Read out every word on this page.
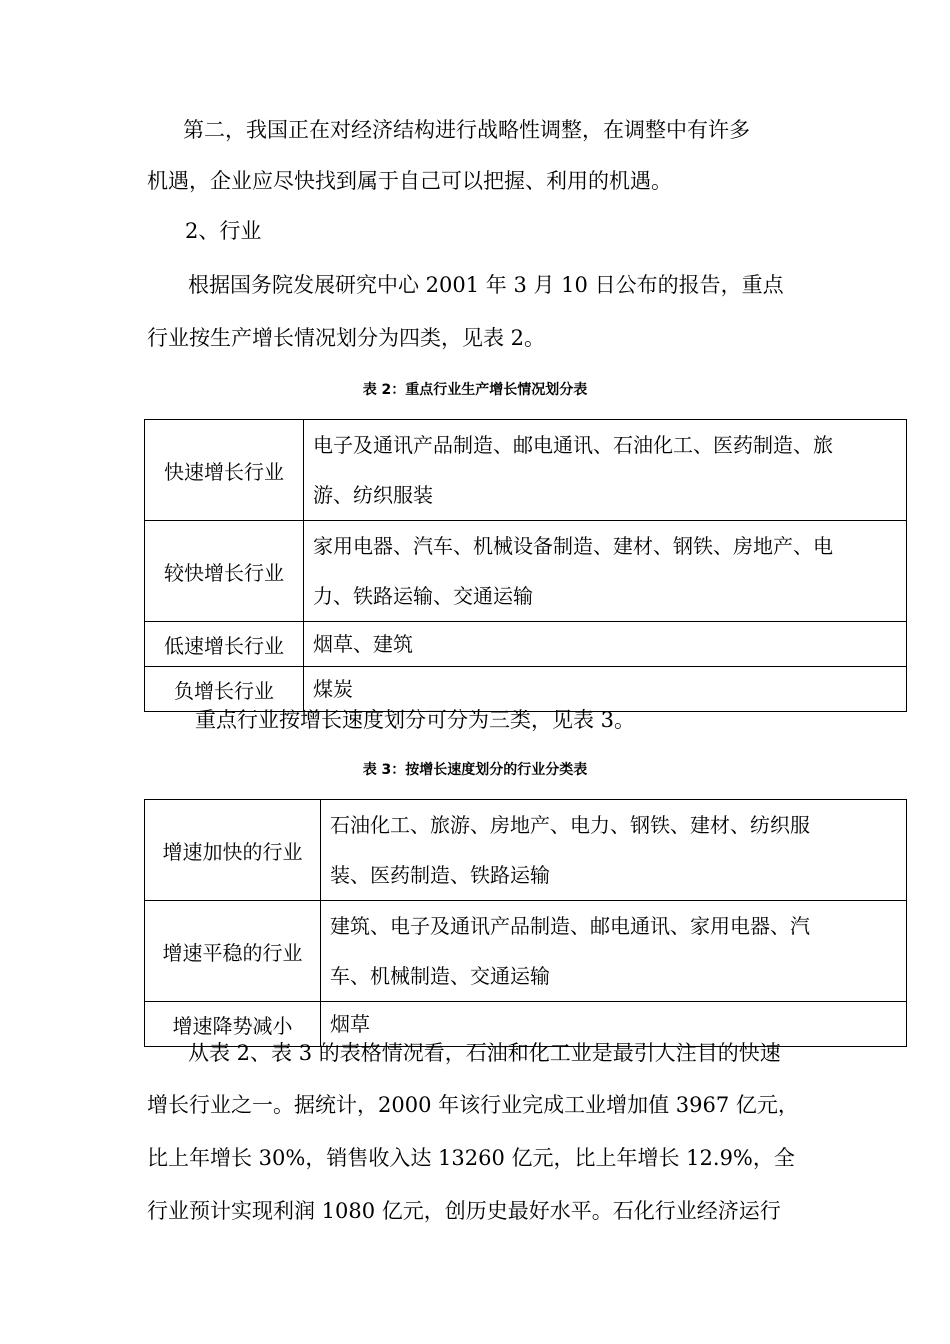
第二，我国正在对经济结构进行战略性调整，在调整中有许多
机遇，企业应尽快找到属于自己可以把握、利用的机遇。
2、行业
根据国务院发展研究中心 2001 年 3 月 10 日公布的报告，重点
行业按生产增长情况划分为四类，见表 2。
表 2：重点行业生产增长情况划分表
快速增长行业	电子及通讯产品制造、邮电通讯、石油化工、医药制造、旅
游、纺织服装
较快增长行业	家用电器、汽车、机械设备制造、建材、钢铁、房地产、电
力、铁路运输、交通运输
低速增长行业	烟草、建筑
负增长行业	煤炭
重点行业按增长速度划分可分为三类，见表 3。
表 3：按增长速度划分的行业分类表
增速加快的行业	石油化工、旅游、房地产、电力、钢铁、建材、纺织服
装、医药制造、铁路运输
增速平稳的行业	建筑、电子及通讯产品制造、邮电通讯、家用电器、汽
车、机械制造、交通运输
增速降势减小	烟草
从表 2、表 3 的表格情况看，石油和化工业是最引人注目的快速
增长行业之一。据统计，2000 年该行业完成工业增加值 3967 亿元，
比上年增长 30%，销售收入达 13260 亿元，比上年增长 12.9%，全
行业预计实现利润 1080 亿元，创历史最好水平。石化行业经济运行
